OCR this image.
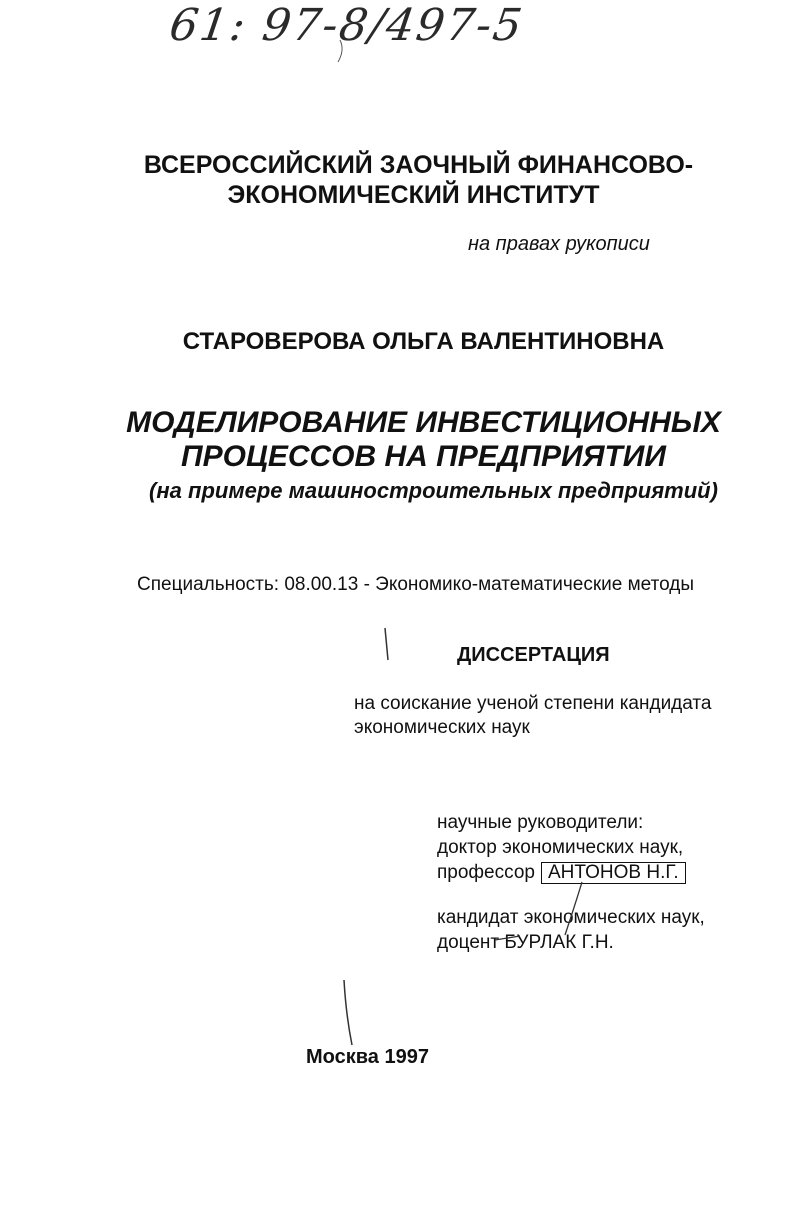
61: 97-8/497-5
ВСЕРОССИЙСКИЙ ЗАОЧНЫЙ ФИНАНСОВО-
ЭКОНОМИЧЕСКИЙ ИНСТИТУТ
на правах рукописи
СТАРОВЕРОВА ОЛЬГА ВАЛЕНТИНОВНА
МОДЕЛИРОВАНИЕ ИНВЕСТИЦИОННЫХ
ПРОЦЕССОВ НА ПРЕДПРИЯТИИ
(на примере машиностроительных предприятий)
Специальность: 08.00.13 - Экономико-математические методы
ДИССЕРТАЦИЯ
на соискание ученой степени кандидата
экономических наук
научные руководители:
доктор экономических наук,
профессор АНТОНОВ Н.Г.
кандидат экономических наук,
доцент БУРЛАК Г.Н.
Москва 1997
